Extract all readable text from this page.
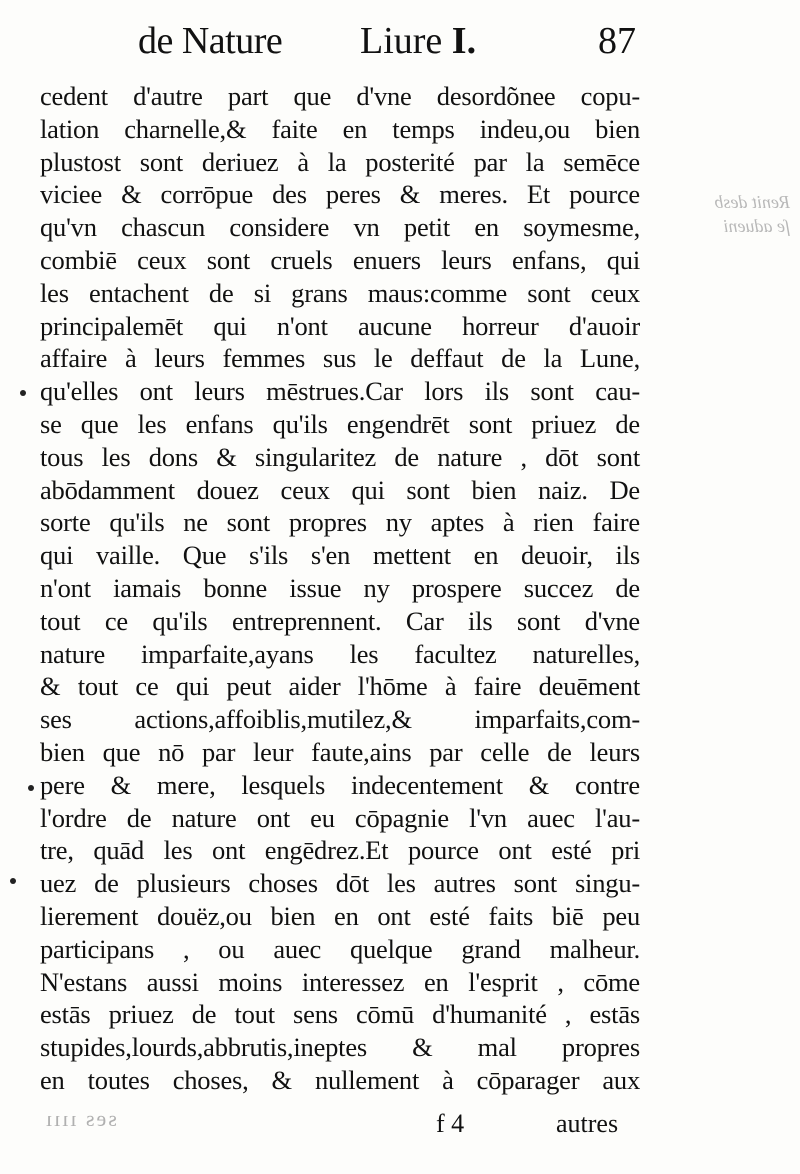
de Nature Liure I.	87
Renit desb
ſe adueni
cedent d'autre part que d'vne desordõnee copu-
lation charnelle,& faite en temps indeu,ou bien
plustost sont deriuez à la posterité par la semēce
viciee & corrōpue des peres & meres. Et pource
qu'vn chascun considere vn petit en soymesme,
combiē ceux sont cruels enuers leurs enfans, qui
les entachent de si grans maus:comme sont ceux
principalemēt qui n'ont aucune horreur d'auoir
affaire à leurs femmes sus le deffaut de la Lune,
qu'elles ont leurs mēstrues.Car lors ils sont cau-
se que les enfans qu'ils engendrēt sont priuez de
tous les dons & singularitez de nature , dōt sont
abōdamment douez ceux qui sont bien naiz. De
sorte qu'ils ne sont propres ny aptes à rien faire
qui vaille. Que s'ils s'en mettent en deuoir, ils
n'ont iamais bonne issue ny prospere succez de
tout ce qu'ils entreprennent. Car ils sont d'vne
nature imparfaite,ayans les facultez naturelles,
& tout ce qui peut aider l'hōme à faire deuēment
ses actions,affoiblis,mutilez,& imparfaits,com-
bien que nō par leur faute,ains par celle de leurs
pere & mere, lesquels indecentement & contre
l'ordre de nature ont eu cōpagnie l'vn auec l'au-
tre, quād les ont engēdrez.Et pource ont esté pri
uez de plusieurs choses dōt les autres sont singu-
lierement douëz,ou bien en ont esté faits biē peu
participans , ou auec quelque grand malheur.
N'estans aussi moins interessez en l'esprit , cōme
estās priuez de tout sens cōmū d'humanité , estās
stupides,lourds,abbrutis,ineptes & mal propres
en toutes choses, & nullement à cōparager aux
ses ıııı	f 4	autres
